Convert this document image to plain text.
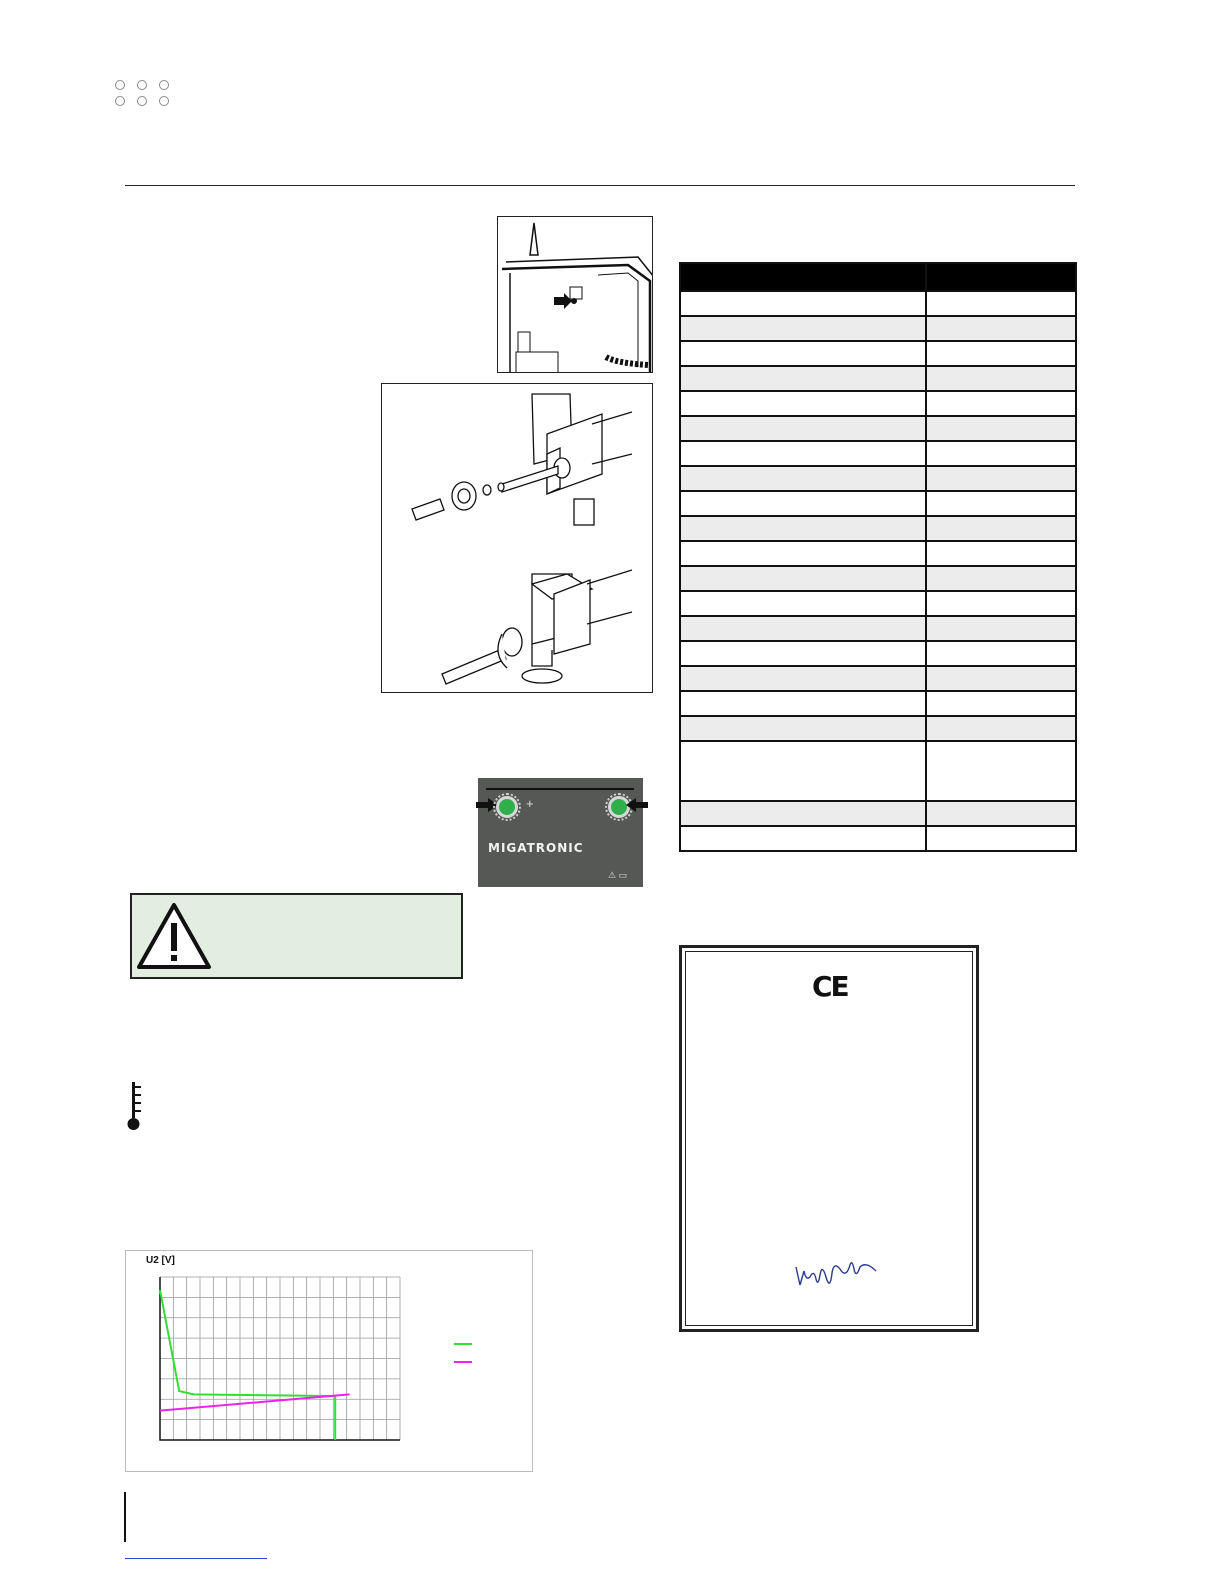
+
MIGATRONIC
⚠ ▭
CE
U2 [V]
